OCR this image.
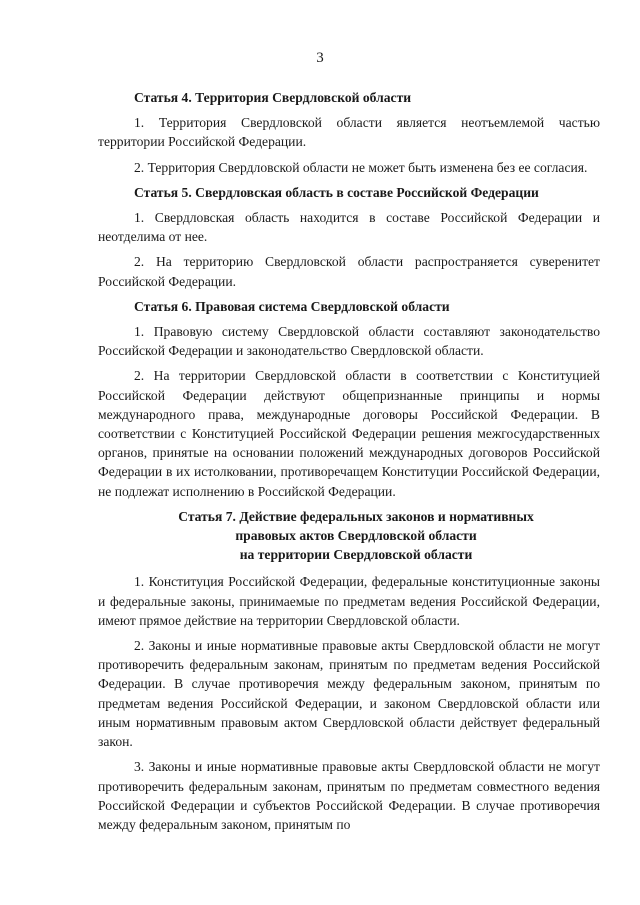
3

Статья 4. Территория Свердловской области

1. Территория Свердловской области является неотъемлемой частью территории Российской Федерации.

2. Территория Свердловской области не может быть изменена без ее согласия.

Статья 5. Свердловская область в составе Российской Федерации

1. Свердловская область находится в составе Российской Федерации и неотделима от нее.

2. На территорию Свердловской области распространяется суверенитет Российской Федерации.

Статья 6. Правовая система Свердловской области

1. Правовую систему Свердловской области составляют законодательство Российской Федерации и законодательство Свердловской области.

2. На территории Свердловской области в соответствии с Конституцией Российской Федерации действуют общепризнанные принципы и нормы международного права, международные договоры Российской Федерации. В соответствии с Конституцией Российской Федерации решения межгосударственных органов, принятые на основании положений международных договоров Российской Федерации в их истолковании, противоречащем Конституции Российской Федерации, не подлежат исполнению в Российской Федерации.

Статья 7. Действие федеральных законов и нормативных
правовых актов Свердловской области
на территории Свердловской области

1. Конституция Российской Федерации, федеральные конституционные законы и федеральные законы, принимаемые по предметам ведения Российской Федерации, имеют прямое действие на территории Свердловской области.

2. Законы и иные нормативные правовые акты Свердловской области не могут противоречить федеральным законам, принятым по предметам ведения Российской Федерации. В случае противоречия между федеральным законом, принятым по предметам ведения Российской Федерации, и законом Свердловской области или иным нормативным правовым актом Свердловской области действует федеральный закон.

3. Законы и иные нормативные правовые акты Свердловской области не могут противоречить федеральным законам, принятым по предметам совместного ведения Российской Федерации и субъектов Российской Федерации. В случае противоречия между федеральным законом, принятым по
